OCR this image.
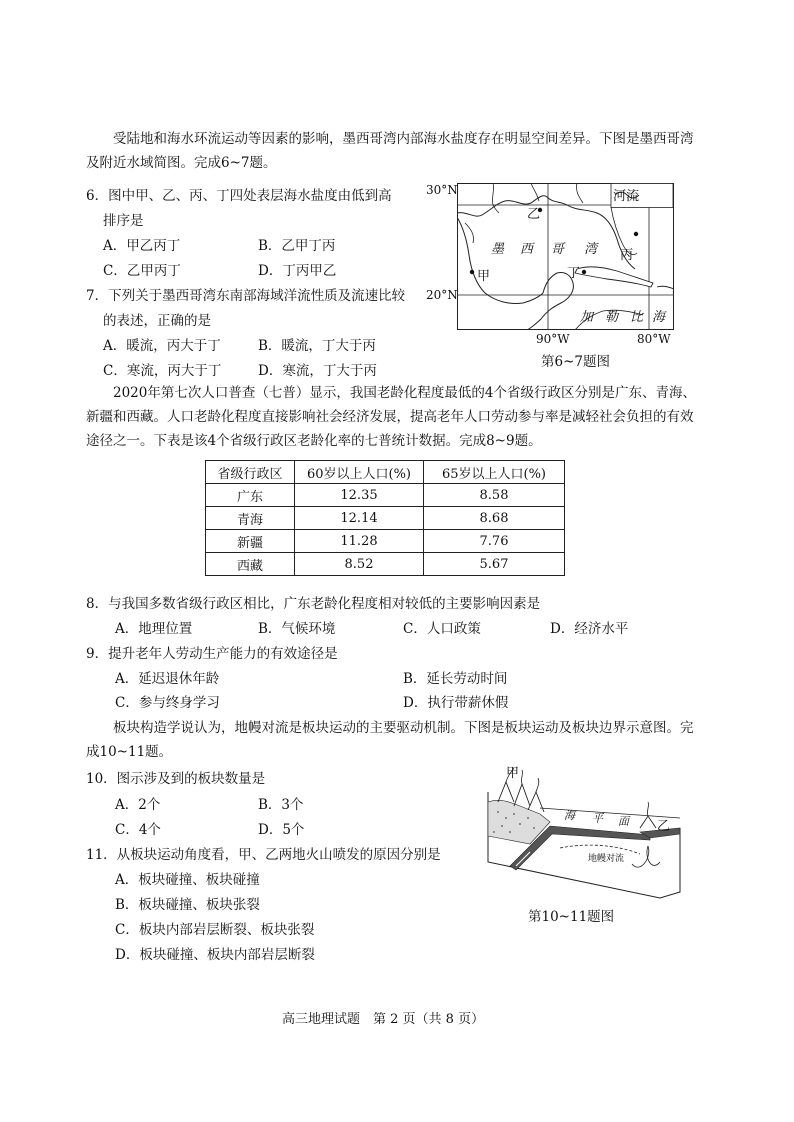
受陆地和海水环流运动等因素的影响，墨西哥湾内部海水盐度存在明显空间差异。下图是墨西哥湾及附近水域简图。完成6~7题。
6．图中甲、乙、丙、丁四处表层海水盐度由低到高
排序是
A．甲乙丙丁	B．乙甲丁丙
C．乙甲丙丁	D．丁丙甲乙
7．下列关于墨西哥湾东南部海域洋流性质及流速比较
的表述，正确的是
A．暖流，丙大于丁	B．暖流，丁大于丙
C．寒流，丙大于丁	D．寒流，丁大于丙
30°N
20°N
90°W	80°W
河流
乙
丙
甲	丁
墨 西 哥 湾
加 勒 比 海
第6~7题图
2020年第七次人口普查（七普）显示，我国老龄化程度最低的4个省级行政区分别是广东、青海、新疆和西藏。人口老龄化程度直接影响社会经济发展，提高老年人口劳动参与率是减轻社会负担的有效途径之一。下表是该4个省级行政区老龄化率的七普统计数据。完成8~9题。
省级行政区	60岁以上人口(%)	65岁以上人口(%)
广东	12.35	8.58
青海	12.14	8.68
新疆	11.28	7.76
西藏	8.52	5.67
8．与我国多数省级行政区相比，广东老龄化程度相对较低的主要影响因素是
A．地理位置	B．气候环境	C．人口政策	D．经济水平
9．提升老年人劳动生产能力的有效途径是
A．延迟退休年龄	B．延长劳动时间
C．参与终身学习	D．执行带薪休假
板块构造学说认为，地幔对流是板块运动的主要驱动机制。下图是板块运动及板块边界示意图。完成10~11题。
10．图示涉及到的板块数量是
A．2个	B．3个
C．4个	D．5个
11．从板块运动角度看，甲、乙两地火山喷发的原因分别是
A．板块碰撞、板块碰撞
B．板块碰撞、板块张裂
C．板块内部岩层断裂、板块张裂
D．板块碰撞、板块内部岩层断裂
甲
乙
海 平 面
地幔对流
第10~11题图
高三地理试题　第 2 页（共 8 页）
